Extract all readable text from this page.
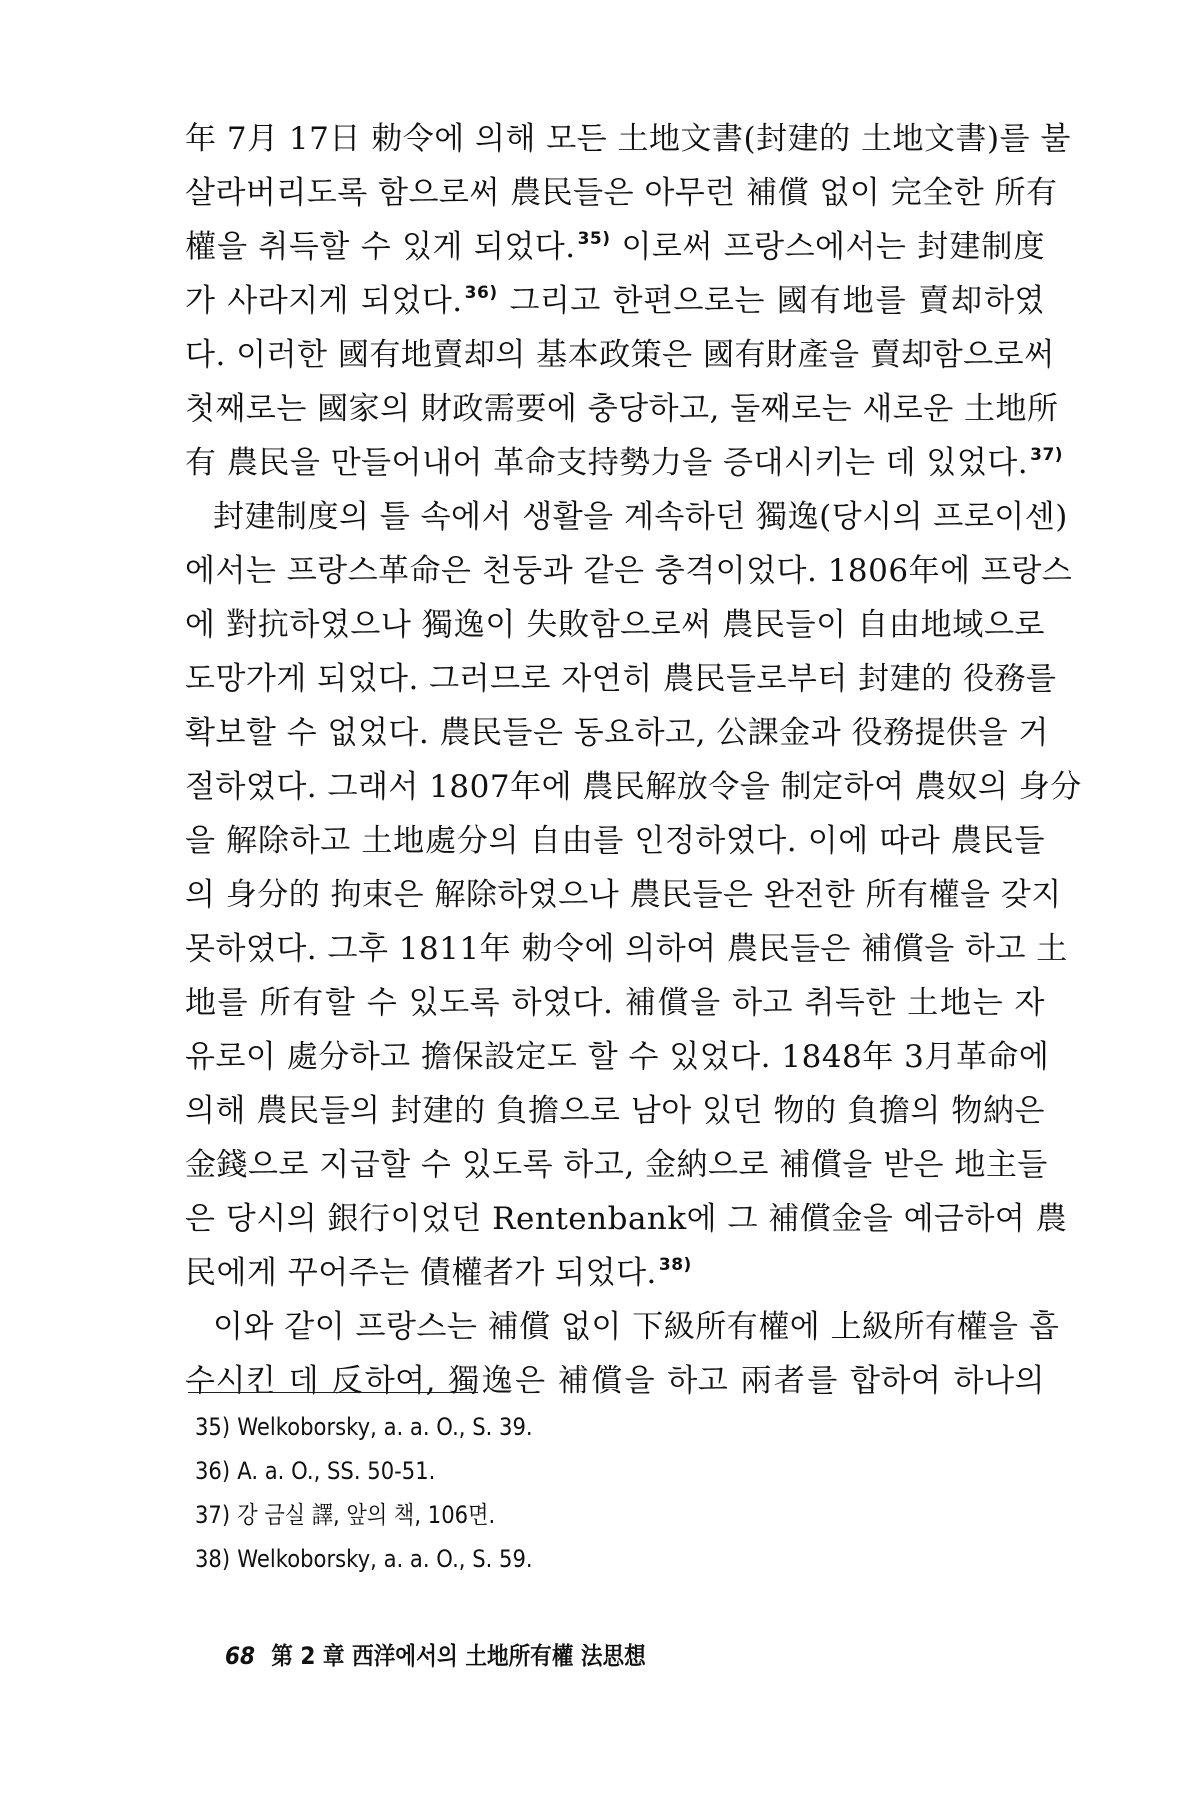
年 7月 17日 勅令에 의해 모든 土地文書(封建的 土地文書)를 불
살라버리도록 함으로써 農民들은 아무런 補償 없이 完全한 所有
權을 취득할 수 있게 되었다. $^{35)}$ 이로써 프랑스에서는 封建制度
가 사라지게 되었다. $^{36)}$ 그리고 한편으로는 國有地를 賣却하였
다. 이러한 國有地賣却의 基本政策은 國有財產을 賣却함으로써
첫째로는 國家의 財政需要에 충당하고, 둘째로는 새로운 土地所
有 農民을 만들어내어 革命支持勢力을 증대시키는 데 있었다. $^{37)}$
封建制度의 틀 속에서 생활을 계속하던 獨逸(당시의 프로이센)
에서는 프랑스革命은 천둥과 같은 충격이었다. 1806年에 프랑스
에 對抗하였으나 獨逸이 失敗함으로써 農民들이 自由地域으로
도망가게 되었다. 그러므로 자연히 農民들로부터 封建的 役務를
확보할 수 없었다. 農民들은 동요하고, 公課金과 役務提供을 거
절하였다. 그래서 1807年에 農民解放令을 制定하여 農奴의 身分
을 解除하고 土地處分의 自由를 인정하였다. 이에 따라 農民들
의 身分的 拘束은 解除하였으나 農民들은 완전한 所有權을 갖지
못하였다. 그후 1811年 勅令에 의하여 農民들은 補償을 하고 土
地를 所有할 수 있도록 하였다. 補償을 하고 취득한 土地는 자
유로이 處分하고 擔保設定도 할 수 있었다. 1848年 3月革命에
의해 農民들의 封建的 負擔으로 남아 있던 物的 負擔의 物納은
金錢으로 지급할 수 있도록 하고, 金納으로 補償을 받은 地主들
은 당시의 銀行이었던 Rentenbank에 그 補償金을 예금하여 農
民에게 꾸어주는 債權者가 되었다. $^{38)}$
이와 같이 프랑스는 補償 없이 下級所有權에 上級所有權을 흡
수시킨 데 反하여, 獨逸은 補償을 하고 兩者를 합하여 하나의
35) Welkoborsky, a. a. O., S. 39.
36) A. a. O., SS. 50-51.
37) 강 금실 譯, 앞의 책, 106면.
38) Welkoborsky, a. a. O., S. 59.
68 第 2 章 西洋에서의 土地所有權 法思想
